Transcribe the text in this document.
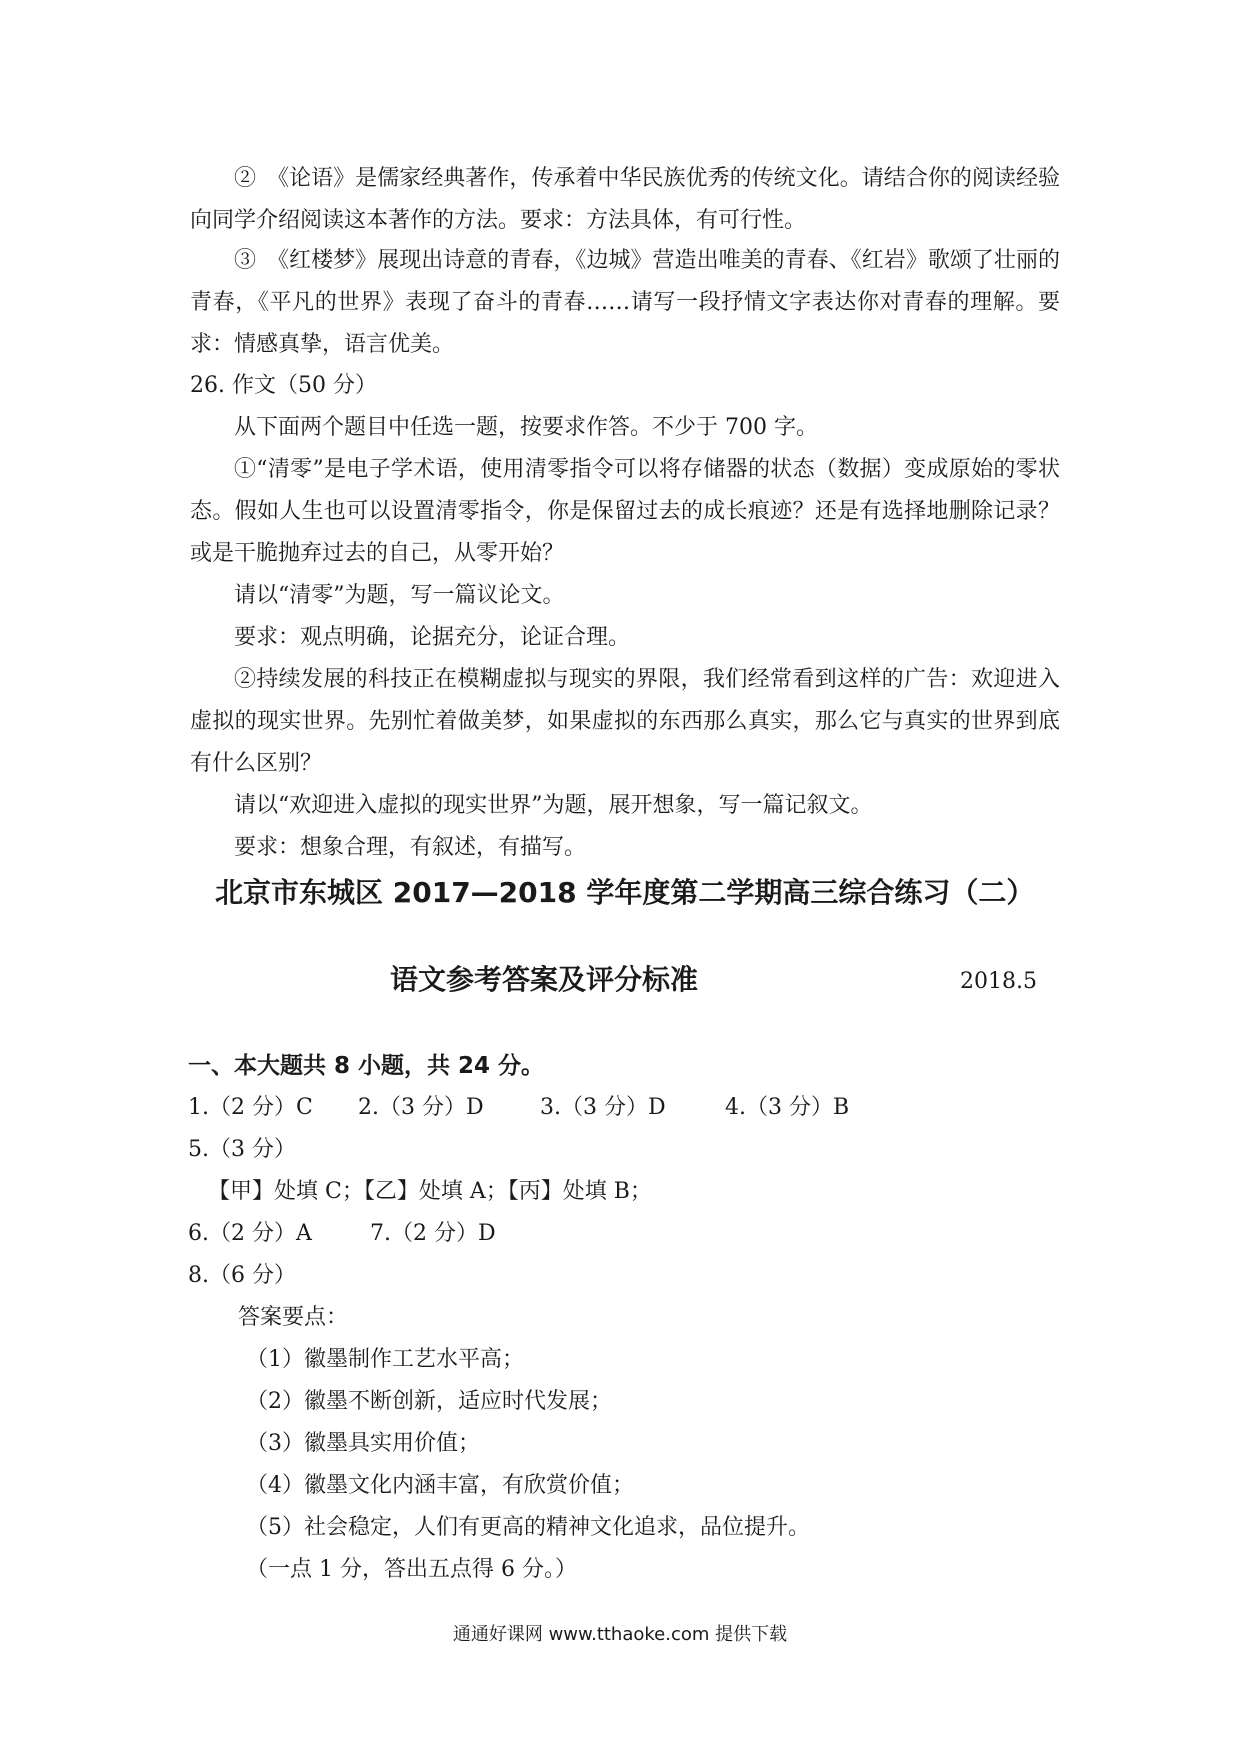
②　《论语》是儒家经典著作，传承着中华民族优秀的传统文化。请结合你的阅读经验向同学介绍阅读这本著作的方法。要求：方法具体，有可行性。
③　《红楼梦》展现出诗意的青春，《边城》营造出唯美的青春、《红岩》歌颂了壮丽的青春，《平凡的世界》表现了奋斗的青春……请写一段抒情文字表达你对青春的理解。要求：情感真挚，语言优美。
26. 作文（50 分）
从下面两个题目中任选一题，按要求作答。不少于 700 字。
①“清零”是电子学术语，使用清零指令可以将存储器的状态（数据）变成原始的零状态。假如人生也可以设置清零指令，你是保留过去的成长痕迹？还是有选择地删除记录？或是干脆抛弃过去的自己，从零开始？
请以“清零”为题，写一篇议论文。
要求：观点明确，论据充分，论证合理。
②持续发展的科技正在模糊虚拟与现实的界限，我们经常看到这样的广告：欢迎进入虚拟的现实世界。先别忙着做美梦，如果虚拟的东西那么真实，那么它与真实的世界到底有什么区别？
请以“欢迎进入虚拟的现实世界”为题，展开想象，写一篇记叙文。
要求：想象合理，有叙述，有描写。
北京市东城区 2017—2018 学年度第二学期高三综合练习（二）
语文参考答案及评分标准	2018.5
一、本大题共 8 小题，共 24 分。
1.（2 分）C 2.（3 分）D	3.（3 分）D	4.（3 分）B
5.（3 分）
【甲】处填 C；【乙】处填 A；【丙】处填 B；
6.（2 分）A	7.（2 分）D
8.（6 分）
答案要点：
（1）徽墨制作工艺水平高；
（2）徽墨不断创新，适应时代发展；
（3）徽墨具实用价值；
（4）徽墨文化内涵丰富，有欣赏价值；
（5）社会稳定，人们有更高的精神文化追求，品位提升。
（一点 1 分，答出五点得 6 分。）
通通好课网 www.tthaoke.com 提供下载
